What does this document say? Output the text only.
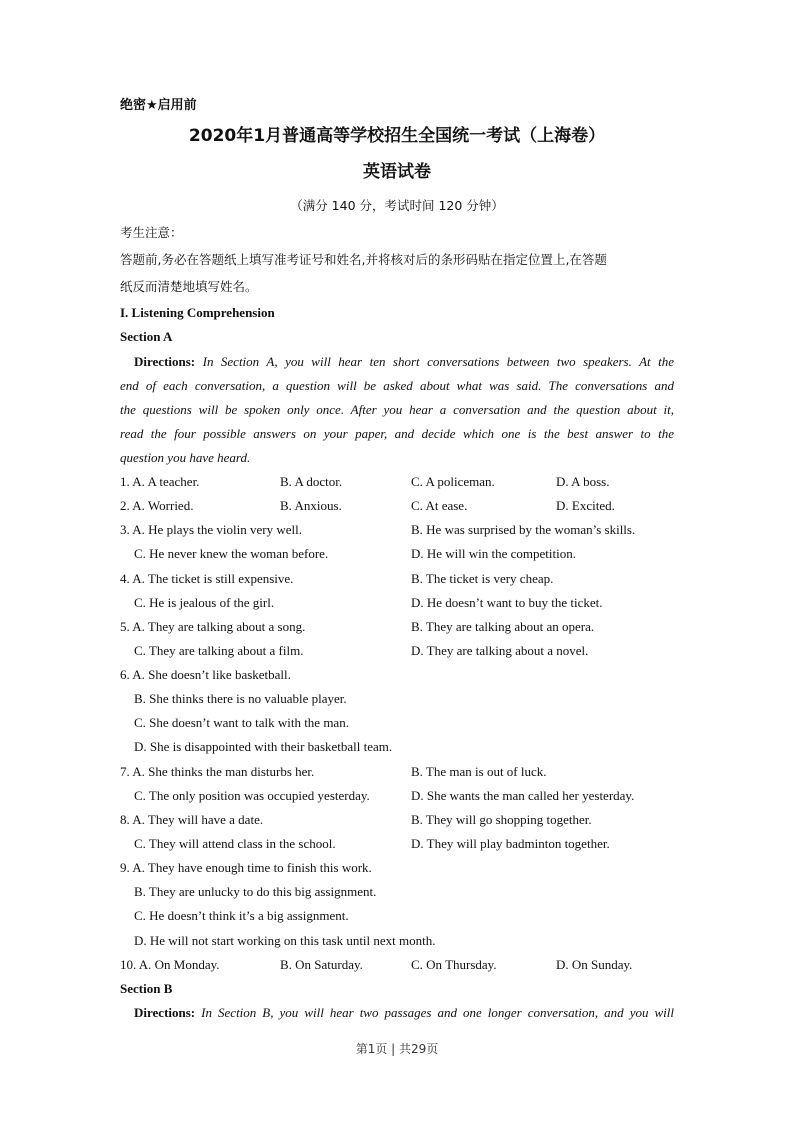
绝密★启用前
2020年1月普通高等学校招生全国统一考试（上海卷）
英语试卷
（满分 140 分，考试时间 120 分钟）
考生注意：
答题前,务必在答题纸上填写准考证号和姓名,并将核对后的条形码贴在指定位置上,在答题
纸反而清楚地填写姓名。
I. Listening Comprehension
Section A
Directions: In Section A, you will hear ten short conversations between two speakers. At the
end of each conversation, a question will be asked about what was said. The conversations and
the questions will be spoken only once. After you hear a conversation and the question about it,
read the four possible answers on your paper, and decide which one is the best answer to the
question you have heard.
1. A. A teacher.	B. A doctor.	C. A policeman.	D. A boss.
2. A. Worried.	B. Anxious.	C. At ease.	D. Excited.
3. A. He plays the violin very well.	B. He was surprised by the woman’s skills.
C. He never knew the woman before.	D. He will win the competition.
4. A. The ticket is still expensive.	B. The ticket is very cheap.
C. He is jealous of the girl.	D. He doesn’t want to buy the ticket.
5. A. They are talking about a song.	B. They are talking about an opera.
C. They are talking about a film.	D. They are talking about a novel.
6. A. She doesn’t like basketball.
B. She thinks there is no valuable player.
C. She doesn’t want to talk with the man.
D. She is disappointed with their basketball team.
7. A. She thinks the man disturbs her.	B. The man is out of luck.
C. The only position was occupied yesterday.	D. She wants the man called her yesterday.
8. A. They will have a date.	B. They will go shopping together.
C. They will attend class in the school.	D. They will play badminton together.
9. A. They have enough time to finish this work.
B. They are unlucky to do this big assignment.
C. He doesn’t think it’s a big assignment.
D. He will not start working on this task until next month.
10. A. On Monday.	B. On Saturday.	C. On Thursday.	D. On Sunday.
Section B
Directions: In Section B, you will hear two passages and one longer conversation, and you will
第1页 | 共29页
